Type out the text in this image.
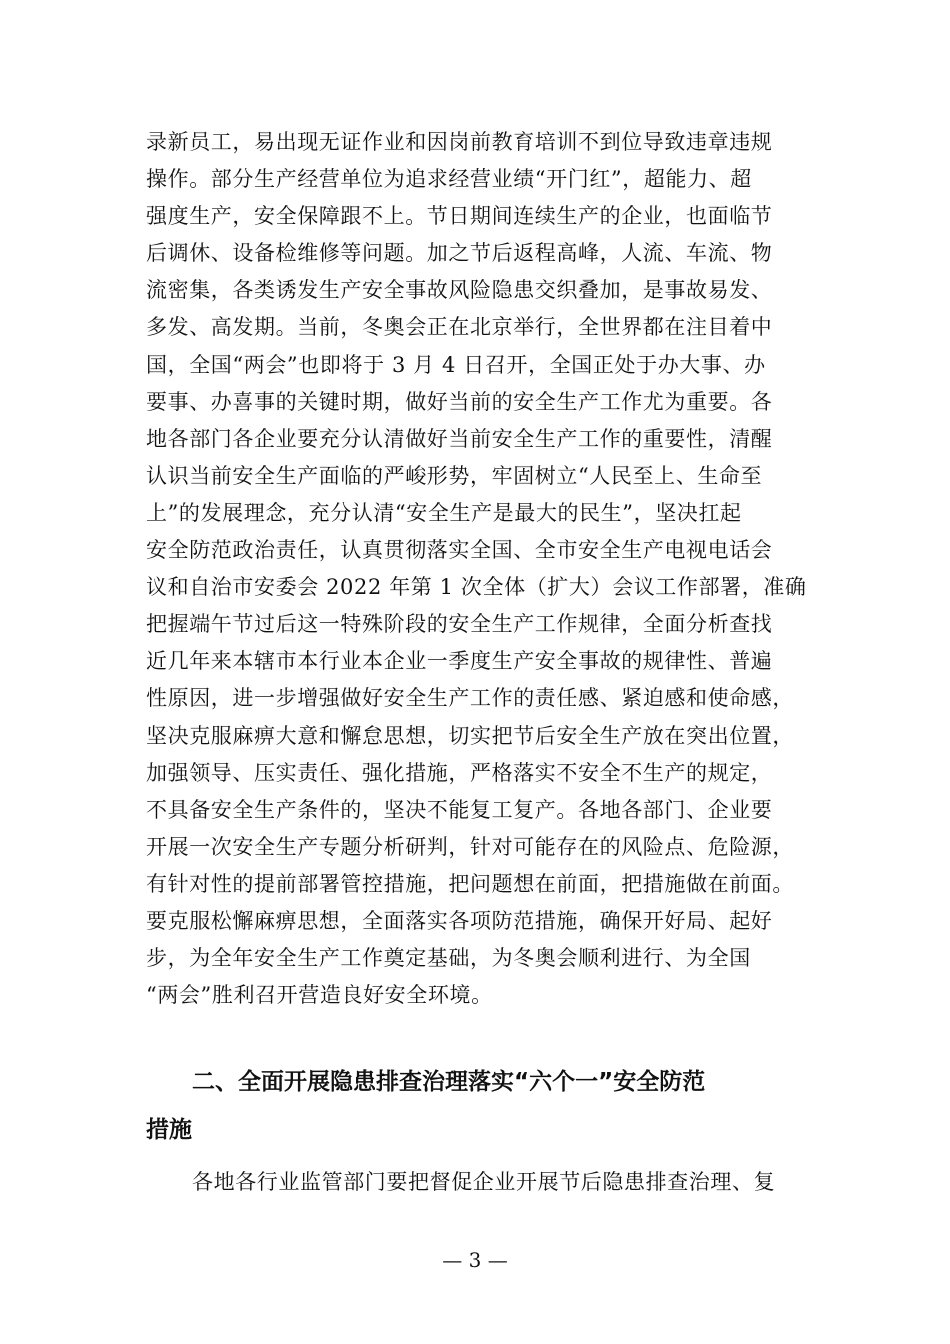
录新员工，易出现无证作业和因岗前教育培训不到位导致违章违规
操作。部分生产经营单位为追求经营业绩“开门红”，超能力、超
强度生产，安全保障跟不上。节日期间连续生产的企业，也面临节
后调休、设备检维修等问题。加之节后返程高峰，人流、车流、物
流密集，各类诱发生产安全事故风险隐患交织叠加，是事故易发、
多发、高发期。当前，冬奥会正在北京举行，全世界都在注目着中
国，全国“两会”也即将于 3 月 4 日召开，全国正处于办大事、办
要事、办喜事的关键时期，做好当前的安全生产工作尤为重要。各
地各部门各企业要充分认清做好当前安全生产工作的重要性，清醒
认识当前安全生产面临的严峻形势，牢固树立“人民至上、生命至
上”的发展理念，充分认清“安全生产是最大的民生”，坚决扛起
安全防范政治责任，认真贯彻落实全国、全市安全生产电视电话会
议和自治市安委会 2022 年第 1 次全体（扩大）会议工作部署，准确
把握端午节过后这一特殊阶段的安全生产工作规律，全面分析查找
近几年来本辖市本行业本企业一季度生产安全事故的规律性、普遍
性原因，进一步增强做好安全生产工作的责任感、紧迫感和使命感，
坚决克服麻痹大意和懈怠思想，切实把节后安全生产放在突出位置，
加强领导、压实责任、强化措施，严格落实不安全不生产的规定，
不具备安全生产条件的，坚决不能复工复产。各地各部门、企业要
开展一次安全生产专题分析研判，针对可能存在的风险点、危险源，
有针对性的提前部署管控措施，把问题想在前面，把措施做在前面。
要克服松懈麻痹思想，全面落实各项防范措施，确保开好局、起好
步，为全年安全生产工作奠定基础，为冬奥会顺利进行、为全国
“两会”胜利召开营造良好安全环境。
二、全面开展隐患排查治理落实“六个一”安全防范
措施
各地各行业监管部门要把督促企业开展节后隐患排查治理、复
— 3 —
